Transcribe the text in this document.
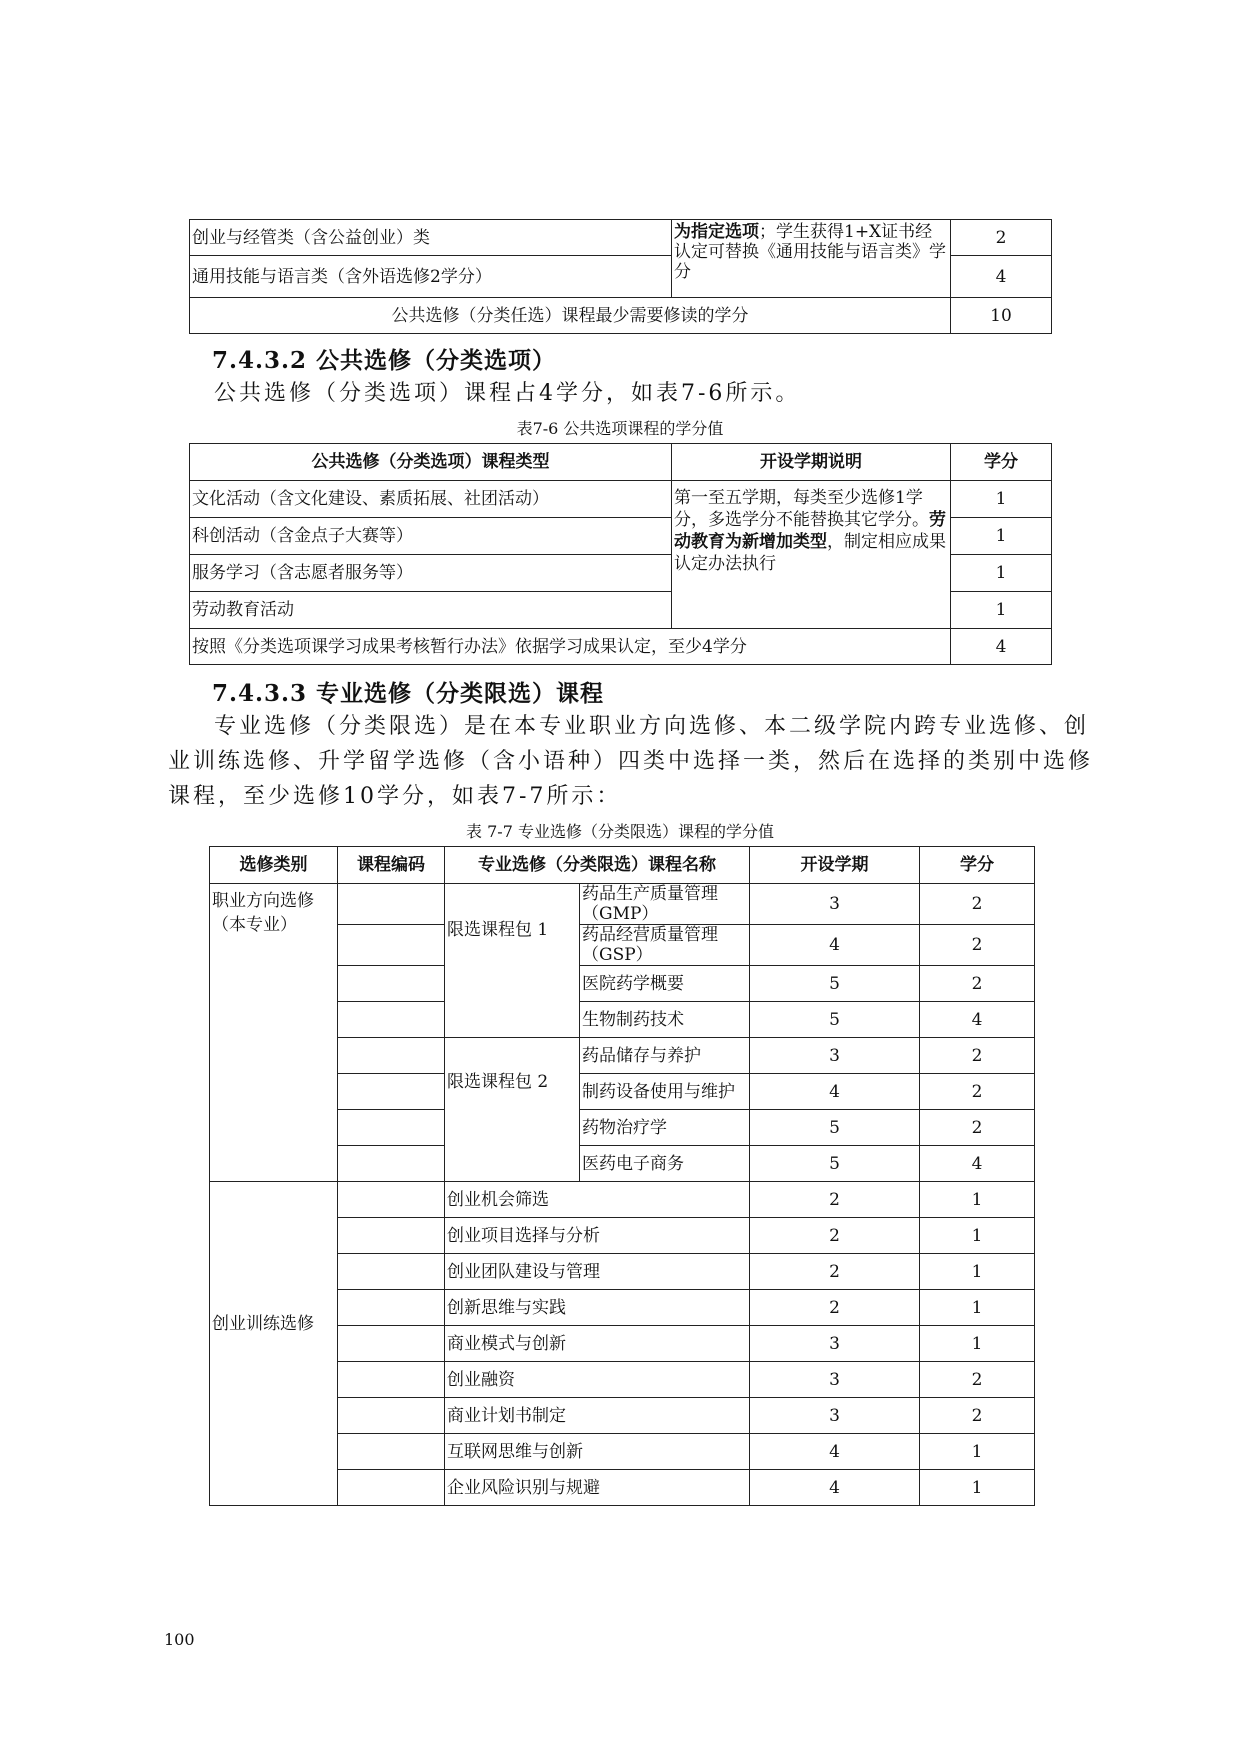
创业与经管类（含公益创业）类	为指定选项；学生获得1+X证书经认定可替换《通用技能与语言类》学分	2
通用技能与语言类（含外语选修2学分）		4
公共选修（分类任选）课程最少需要修读的学分		10
7.4.3.2 公共选修（分类选项）
公共选修（分类选项）课程占4学分，如表7-6所示。
表7-6 公共选项课程的学分值
公共选修（分类选项）课程类型	开设学期说明	学分
文化活动（含文化建设、素质拓展、社团活动）	第一至五学期，每类至少选修1学分，多选学分不能替换其它学分。劳动教育为新增加类型，制定相应成果认定办法执行	1
科创活动（含金点子大赛等）		1
服务学习（含志愿者服务等）		1
劳动教育活动		1
按照《分类选项课学习成果考核暂行办法》依据学习成果认定，至少4学分		4
7.4.3.3 专业选修（分类限选）课程
专业选修（分类限选）是在本专业职业方向选修、本二级学院内跨专业选修、创
业训练选修、升学留学选修（含小语种）四类中选择一类，然后在选择的类别中选修
课程，至少选修10学分，如表7-7所示：
表 7-7 专业选修（分类限选）课程的学分值
选修类别	课程编码	专业选修（分类限选）课程名称		开设学期	学分
职业方向选修（本专业）		限选课程包 1	药品生产质量管理（GMP）	3	2
			药品经营质量管理（GSP）	4	2
			医院药学概要	5	2
			生物制药技术	5	4
		限选课程包 2	药品储存与养护	3	2
			制药设备使用与维护	4	2
			药物治疗学	5	2
			医药电子商务	5	4
创业训练选修		创业机会筛选		2	1
		创业项目选择与分析		2	1
		创业团队建设与管理		2	1
		创新思维与实践		2	1
		商业模式与创新		3	1
		创业融资		3	2
		商业计划书制定		3	2
		互联网思维与创新		4	1
		企业风险识别与规避		4	1
100
